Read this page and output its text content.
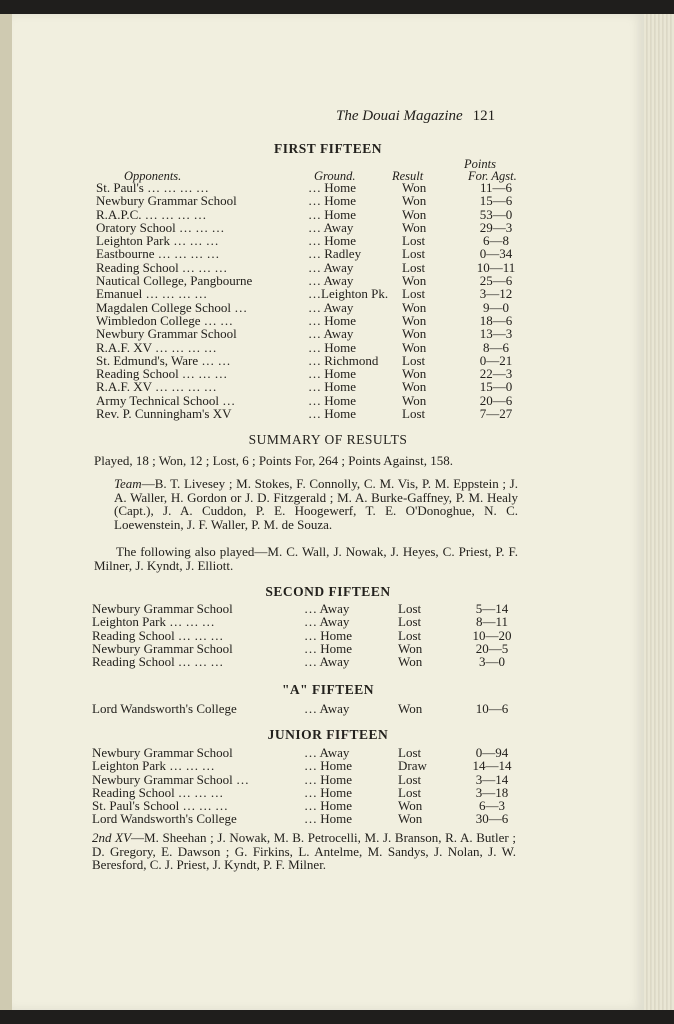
The Douai Magazine 121
FIRST FIFTEEN
Points
Opponents.	Ground.	Result	For. Agst.
St. Paul's … … … …	… Home	Won	11—6
Newbury Grammar School	… Home	Won	15—6
R.A.P.C. … … … …	… Home	Won	53—0
Oratory School … … …	… Away	Won	29—3
Leighton Park … … …	… Home	Lost	6—8
Eastbourne … … … …	… Radley	Lost	0—34
Reading School … … …	… Away	Lost	10—11
Nautical College, Pangbourne	… Away	Won	25—6
Emanuel … … … …	…Leighton Pk.	Lost	3—12
Magdalen College School …	… Away	Won	9—0
Wimbledon College … …	… Home	Won	18—6
Newbury Grammar School	… Away	Won	13—3
R.A.F. XV … … … …	… Home	Won	8—6
St. Edmund's, Ware … …	… Richmond	Lost	0—21
Reading School … … …	… Home	Won	22—3
R.A.F. XV … … … …	… Home	Won	15—0
Army Technical School …	… Home	Won	20—6
Rev. P. Cunningham's XV	… Home	Lost	7—27
SUMMARY OF RESULTS
Played, 18 ; Won, 12 ; Lost, 6 ; Points For, 264 ; Points Against, 158.

Team—B. T. Livesey ; M. Stokes, F. Connolly, C. M. Vis, P. M. Eppstein ; J. A. Waller, H. Gordon or J. D. Fitzgerald ; M. A. Burke-Gaffney, P. M. Healy (Capt.), J. A. Cuddon, P. E. Hoogewerf, T. E. O'Donoghue, N. C. Loewenstein, J. F. Waller, P. M. de Souza.

The following also played—M. C. Wall, J. Nowak, J. Heyes, C. Priest, P. F. Milner, J. Kyndt, J. Elliott.
SECOND FIFTEEN
Newbury Grammar School	… Away	Lost	5—14
Leighton Park … … …	… Away	Lost	8—11
Reading School … … …	… Home	Lost	10—20
Newbury Grammar School	… Home	Won	20—5
Reading School … … …	… Away	Won	3—0
"A" FIFTEEN
Lord Wandsworth's College	… Away	Won	10—6
JUNIOR FIFTEEN
Newbury Grammar School	… Away	Lost	0—94
Leighton Park … … …	… Home	Draw	14—14
Newbury Grammar School …	… Home	Lost	3—14
Reading School … … …	… Home	Lost	3—18
St. Paul's School … … …	… Home	Won	6—3
Lord Wandsworth's College	… Home	Won	30—6

2nd XV—M. Sheehan ; J. Nowak, M. B. Petrocelli, M. J. Branson, R. A. Butler ; D. Gregory, E. Dawson ; G. Firkins, L. Antelme, M. Sandys, J. Nolan, J. W. Beresford, C. J. Priest, J. Kyndt, P. F. Milner.
